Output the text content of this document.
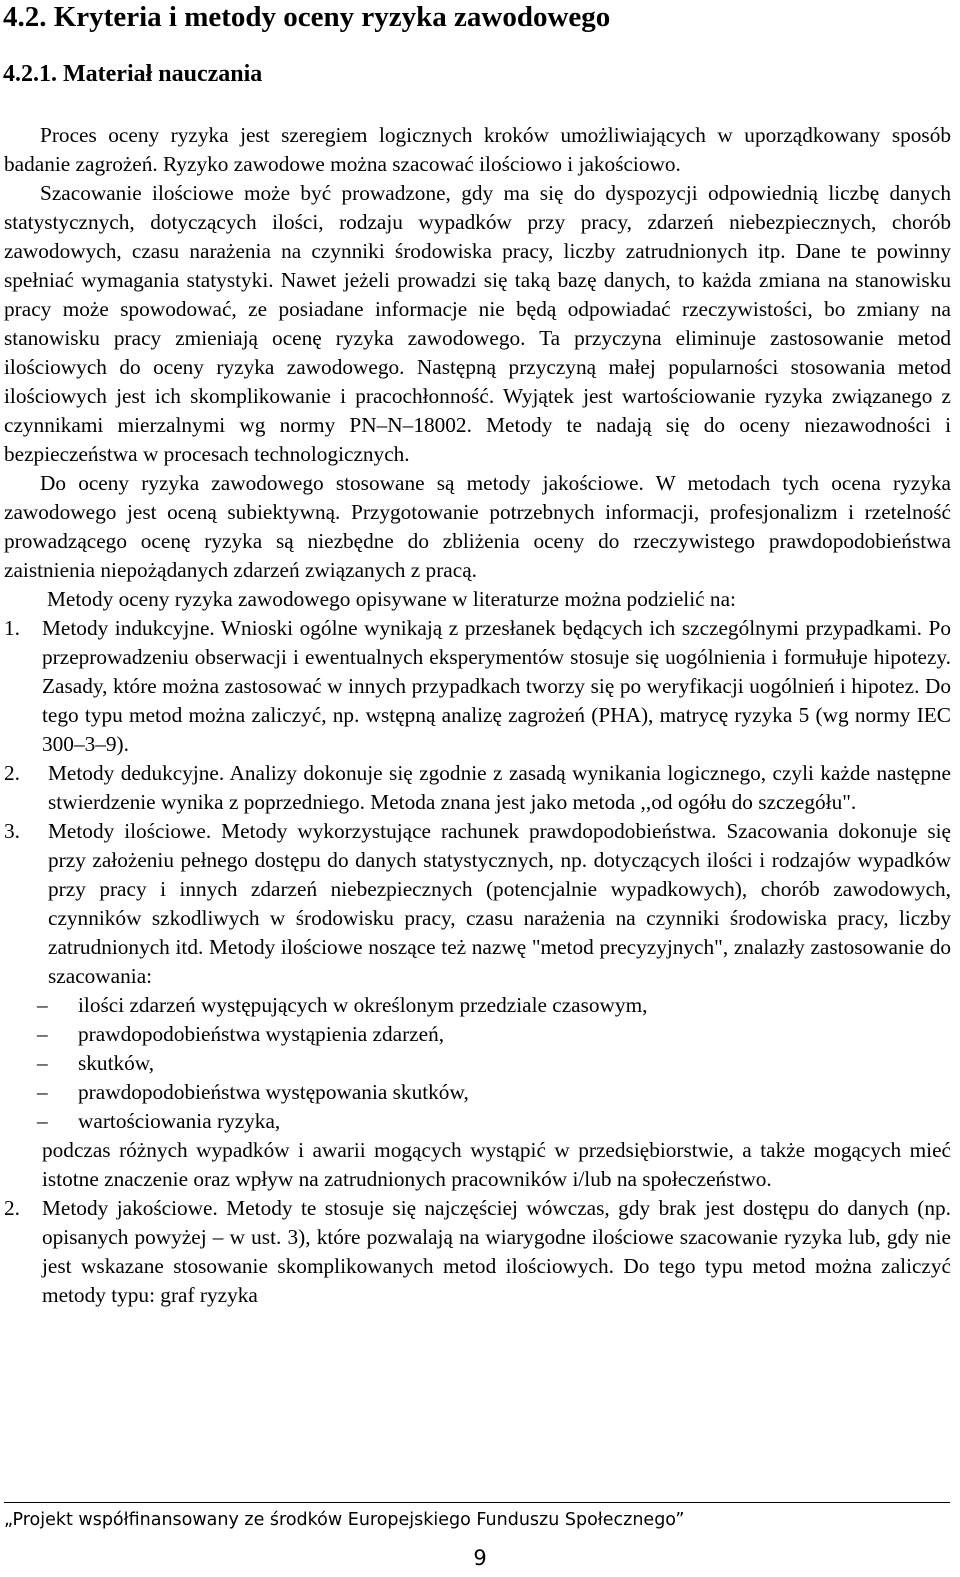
4.2. Kryteria i metody oceny ryzyka zawodowego
4.2.1. Materiał nauczania

Proces oceny ryzyka jest szeregiem logicznych kroków umożliwiających w uporządkowany sposób badanie zagrożeń. Ryzyko zawodowe można szacować ilościowo i jakościowo.

Szacowanie ilościowe może być prowadzone, gdy ma się do dyspozycji odpowiednią liczbę danych statystycznych, dotyczących ilości, rodzaju wypadków przy pracy, zdarzeń niebezpiecznych, chorób zawodowych, czasu narażenia na czynniki środowiska pracy, liczby zatrudnionych itp. Dane te powinny spełniać wymagania statystyki. Nawet jeżeli prowadzi się taką bazę danych, to każda zmiana na stanowisku pracy może spowodować, ze posiadane informacje nie będą odpowiadać rzeczywistości, bo zmiany na stanowisku pracy zmieniają ocenę ryzyka zawodowego. Ta przyczyna eliminuje zastosowanie metod ilościowych do oceny ryzyka zawodowego. Następną przyczyną małej popularności stosowania metod ilościowych jest ich skomplikowanie i pracochłonność. Wyjątek jest wartościowanie ryzyka związanego z czynnikami mierzalnymi wg normy PN–N–18002. Metody te nadają się do oceny niezawodności i bezpieczeństwa w procesach technologicznych.

Do oceny ryzyka zawodowego stosowane są metody jakościowe. W metodach tych ocena ryzyka zawodowego jest oceną subiektywną. Przygotowanie potrzebnych informacji, profesjonalizm i rzetelność prowadzącego ocenę ryzyka są niezbędne do zbliżenia oceny do rzeczywistego prawdopodobieństwa zaistnienia niepożądanych zdarzeń związanych z pracą.

Metody oceny ryzyka zawodowego opisywane w literaturze można podzielić na:

1.	Metody indukcyjne. Wnioski ogólne wynikają z przesłanek będących ich szczególnymi przypadkami. Po przeprowadzeniu obserwacji i ewentualnych eksperymentów stosuje się uogólnienia i formułuje hipotezy. Zasady, które można zastosować w innych przypadkach tworzy się po weryfikacji uogólnień i hipotez. Do tego typu metod można zaliczyć, np. wstępną analizę zagrożeń (PHA), matrycę ryzyka 5 (wg normy IEC 300–3–9).
2.	Metody dedukcyjne. Analizy dokonuje się zgodnie z zasadą wynikania logicznego, czyli każde następne stwierdzenie wynika z poprzedniego. Metoda znana jest jako metoda ,,od ogółu do szczegółu".
3.	Metody ilościowe. Metody wykorzystujące rachunek prawdopodobieństwa. Szacowania dokonuje się przy założeniu pełnego dostępu do danych statystycznych, np. dotyczących ilości i rodzajów wypadków przy pracy i innych zdarzeń niebezpiecznych (potencjalnie wypadkowych), chorób zawodowych, czynników szkodliwych w środowisku pracy, czasu narażenia na czynniki środowiska pracy, liczby zatrudnionych itd. Metody ilościowe noszące też nazwę "metod precyzyjnych", znalazły zastosowanie do szacowania:
–	ilości zdarzeń występujących w określonym przedziale czasowym,
–	prawdopodobieństwa wystąpienia zdarzeń,
–	skutków,
–	prawdopodobieństwa występowania skutków,
–	wartościowania ryzyka,

podczas różnych wypadków i awarii mogących wystąpić w przedsiębiorstwie, a także mogących mieć istotne znaczenie oraz wpływ na zatrudnionych pracowników i/lub na społeczeństwo.

2.	Metody jakościowe. Metody te stosuje się najczęściej wówczas, gdy brak jest dostępu do danych (np. opisanych powyżej – w ust. 3), które pozwalają na wiarygodne ilościowe szacowanie ryzyka lub, gdy nie jest wskazane stosowanie skomplikowanych metod ilościowych. Do tego typu metod można zaliczyć metody typu: graf ryzyka
„Projekt współfinansowany ze środków Europejskiego Funduszu Społecznego”
9
